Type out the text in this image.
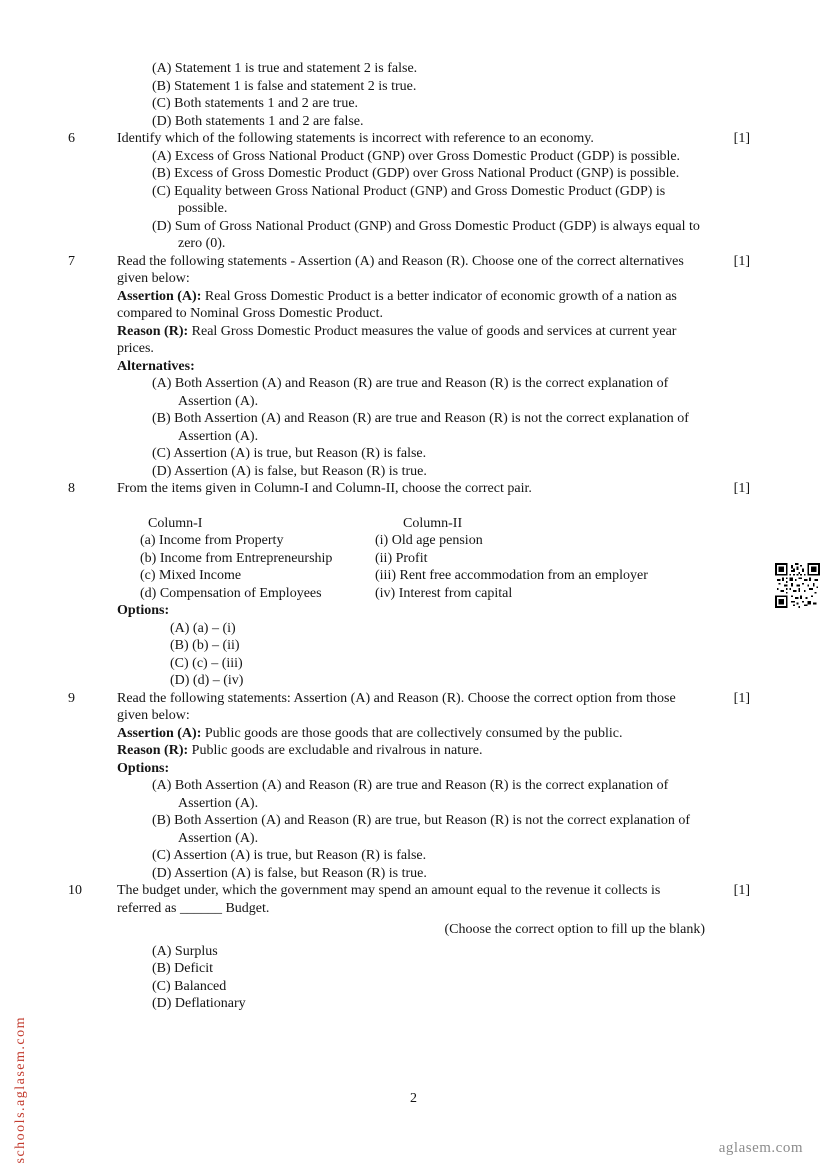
(A) Statement 1 is true and statement 2 is false.
(B) Statement 1 is false and statement 2 is true.
(C) Both statements 1 and 2 are true.
(D) Both statements 1 and 2 are false.
6	Identify which of the following statements is incorrect with reference to an economy.

(A) Excess of Gross National Product (GNP) over Gross Domestic Product (GDP) is possible.
(B) Excess of Gross Domestic Product (GDP) over Gross National Product (GNP) is possible.
(C) Equality between Gross National Product (GNP) and Gross Domestic Product (GDP) is possible.
(D) Sum of Gross National Product (GNP) and Gross Domestic Product (GDP) is always equal to zero (0).
[1]
7	Read the following statements - Assertion (A) and Reason (R). Choose one of the correct alternatives given below:

Assertion (A): Real Gross Domestic Product is a better indicator of economic growth of a nation as compared to Nominal Gross Domestic Product.

Reason (R): Real Gross Domestic Product measures the value of goods and services at current year prices.

Alternatives:

(A) Both Assertion (A) and Reason (R) are true and Reason (R) is the correct explanation of Assertion (A).
(B) Both Assertion (A) and Reason (R) are true and Reason (R) is not the correct explanation of Assertion (A).
(C) Assertion (A) is true, but Reason (R) is false.
(D) Assertion (A) is false, but Reason (R) is true.
[1]
8	From the items given in Column-I and Column-II, choose the correct pair.

Column-I	Column-II
(a) Income from Property	(i) Old age pension
(b) Income from Entrepreneurship	(ii) Profit
(c) Mixed Income	(iii) Rent free accommodation from an employer
(d) Compensation of Employees	(iv) Interest from capital

Options:

(A) (a) – (i)
(B) (b) – (ii)
(C) (c) – (iii)
(D) (d) – (iv)
[1]
9	Read the following statements: Assertion (A) and Reason (R). Choose the correct option from those given below:

Assertion (A): Public goods are those goods that are collectively consumed by the public.

Reason (R): Public goods are excludable and rivalrous in nature.

Options:

(A) Both Assertion (A) and Reason (R) are true and Reason (R) is the correct explanation of Assertion (A).
(B) Both Assertion (A) and Reason (R) are true, but Reason (R) is not the correct explanation of Assertion (A).
(C) Assertion (A) is true, but Reason (R) is false.
(D) Assertion (A) is false, but Reason (R) is true.
[1]
10	The budget under, which the government may spend an amount equal to the revenue it collects is referred as ______ Budget.

(Choose the correct option to fill up the blank)

(A) Surplus
(B) Deficit
(C) Balanced
(D) Deflationary
[1]
2
schools.aglasem.com	aglasem.com
